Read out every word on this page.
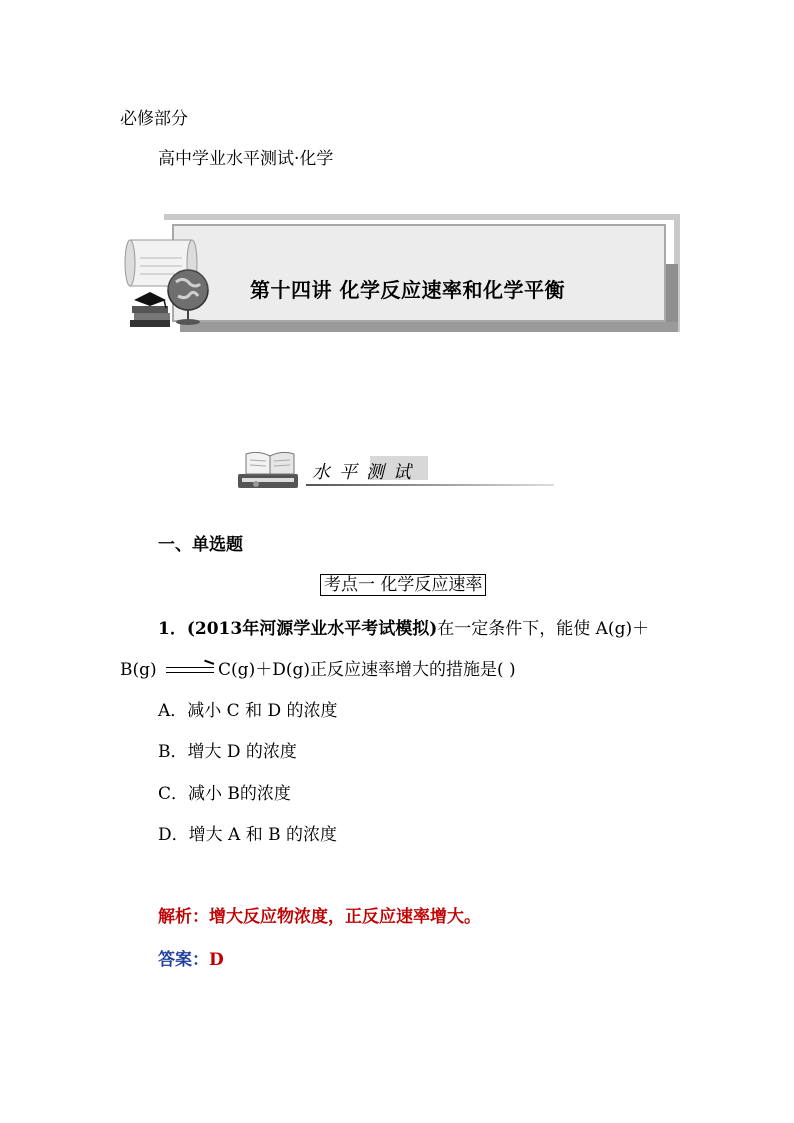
必修部分
高中学业水平测试·化学
第十四讲 化学反应速率和化学平衡
水平测试
一、单选题
考点一 化学反应速率
1．(2013年河源学业水平考试模拟)在一定条件下，能使 A(g)＋
B(g)	C(g)＋D(g)正反应速率增大的措施是( )
A．减小 C 和 D 的浓度
B．增大 D 的浓度
C．减小 B的浓度
D．增大 A 和 B 的浓度
解析：增大反应物浓度，正反应速率增大。
答案：D
